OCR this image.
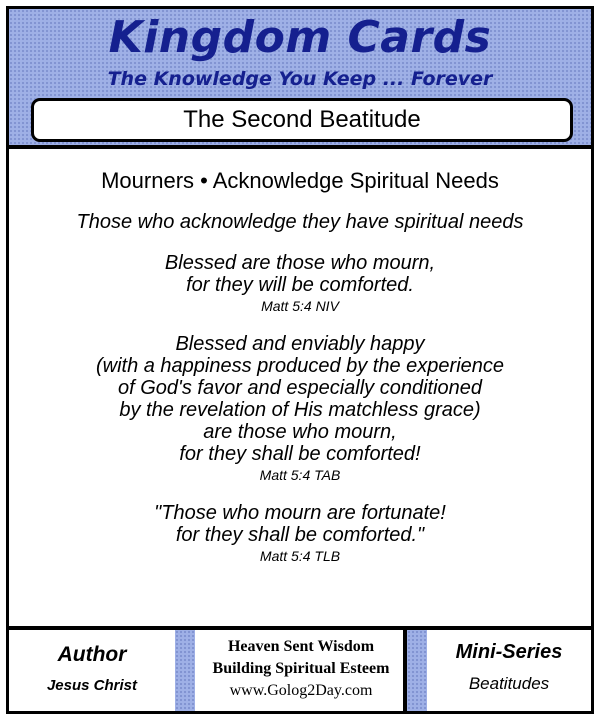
Kingdom Cards
The Knowledge You Keep ... Forever
The Second Beatitude
Mourners • Acknowledge Spiritual Needs
Those who acknowledge they have spiritual needs
Blessed are those who mourn,
for they will be comforted.
Matt 5:4 NIV
Blessed and enviably happy
(with a happiness produced by the experience
of God's favor and especially conditioned
by the revelation of His matchless grace)
are those who mourn,
for they shall be comforted!
Matt 5:4 TAB
"Those who mourn are fortunate!
for they shall be comforted."
Matt 5:4 TLB
Author
Jesus Christ
Heaven Sent Wisdom
Building Spiritual Esteem
www.Golog2Day.com
Mini-Series
Beatitudes
